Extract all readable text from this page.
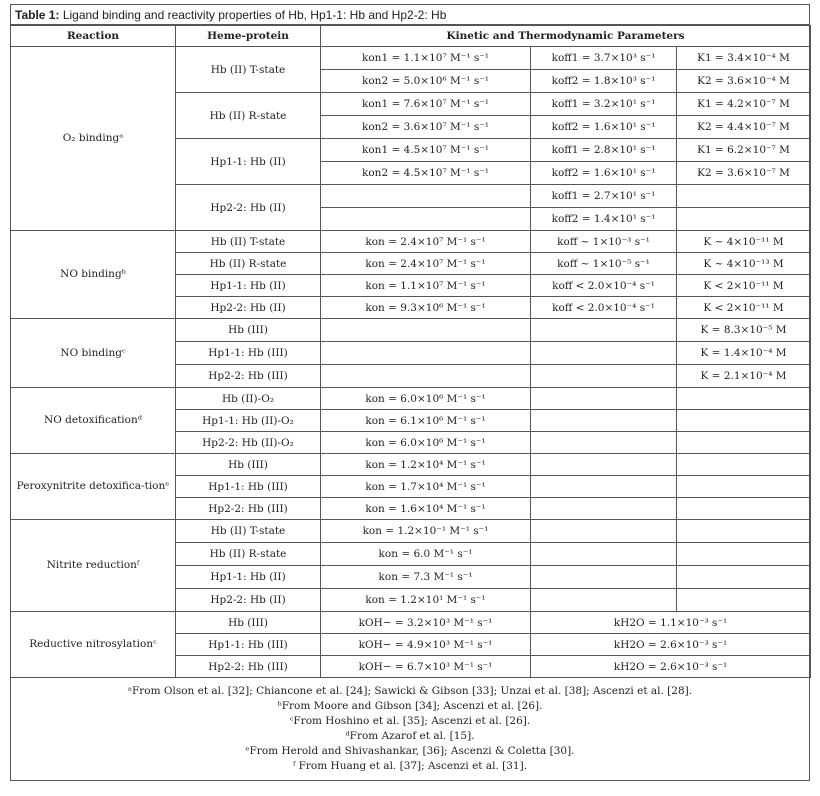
Table 1: Ligand binding and reactivity properties of Hb, Hp1-1: Hb and Hp2-2: Hb
Reaction	Heme-protein	Kinetic and Thermodynamic Parameters		
O₂ bindingᵃ	Hb (II) T-state	kon1 = 1.1×10⁷ M⁻¹ s⁻¹	koff1 = 3.7×10³ s⁻¹	K1 = 3.4×10⁻⁴ M
		kon2 = 5.0×10⁶ M⁻¹ s⁻¹	koff2 = 1.8×10³ s⁻¹	K2 = 3.6×10⁻⁴ M
	Hb (II) R-state	kon1 = 7.6×10⁷ M⁻¹ s⁻¹	koff1 = 3.2×10¹ s⁻¹	K1 = 4.2×10⁻⁷ M
		kon2 = 3.6×10⁷ M⁻¹ s⁻¹	koff2 = 1.6×10¹ s⁻¹	K2 = 4.4×10⁻⁷ M
	Hp1-1: Hb (II)	kon1 = 4.5×10⁷ M⁻¹ s⁻¹	koff1 = 2.8×10¹ s⁻¹	K1 = 6.2×10⁻⁷ M
		kon2 = 4.5×10⁷ M⁻¹ s⁻¹	koff2 = 1.6×10¹ s⁻¹	K2 = 3.6×10⁻⁷ M
	Hp2-2: Hb (II)		koff1 = 2.7×10¹ s⁻¹	
			koff2 = 1.4×10¹ s⁻¹	
NO bindingᵇ	Hb (II) T-state	kon = 2.4×10⁷ M⁻¹ s⁻¹	koff ~ 1×10⁻³ s⁻¹	K ~ 4×10⁻¹¹ M
	Hb (II) R-state	kon = 2.4×10⁷ M⁻¹ s⁻¹	koff ~ 1×10⁻⁵ s⁻¹	K ~ 4×10⁻¹³ M
	Hp1-1: Hb (II)	kon = 1.1×10⁷ M⁻¹ s⁻¹	koff < 2.0×10⁻⁴ s⁻¹	K < 2×10⁻¹¹ M
	Hp2-2: Hb (II)	kon = 9.3×10⁶ M⁻¹ s⁻¹	koff < 2.0×10⁻⁴ s⁻¹	K < 2×10⁻¹¹ M
NO bindingᶜ	Hb (III)			K = 8.3×10⁻⁵ M
	Hp1-1: Hb (III)			K = 1.4×10⁻⁴ M
	Hp2-2: Hb (III)			K = 2.1×10⁻⁴ M
NO detoxificationᵈ	Hb (II)-O₂	kon = 6.0×10⁶ M⁻¹ s⁻¹		
	Hp1-1: Hb (II)-O₂	kon = 6.1×10⁶ M⁻¹ s⁻¹		
	Hp2-2: Hb (II)-O₂	kon = 6.0×10⁶ M⁻¹ s⁻¹		
Peroxynitrite detoxifica-tionᵉ	Hb (III)	kon = 1.2×10⁴ M⁻¹ s⁻¹		
	Hp1-1: Hb (III)	kon = 1.7×10⁴ M⁻¹ s⁻¹		
	Hp2-2: Hb (III)	kon = 1.6×10⁴ M⁻¹ s⁻¹		
Nitrite reductionᶠ	Hb (II) T-state	kon = 1.2×10⁻¹ M⁻¹ s⁻¹		
	Hb (II) R-state	kon = 6.0 M⁻¹ s⁻¹		
	Hp1-1: Hb (II)	kon = 7.3 M⁻¹ s⁻¹		
	Hp2-2: Hb (II)	kon = 1.2×10¹ M⁻¹ s⁻¹		
Reductive nitrosylationᶜ	Hb (III)	kOH− = 3.2×10³ M⁻¹ s⁻¹	kH2O = 1.1×10⁻³ s⁻¹	
	Hp1-1: Hb (III)	kOH− = 4.9×10³ M⁻¹ s⁻¹	kH2O = 2.6×10⁻³ s⁻¹	
	Hp2-2: Hb (III)	kOH− = 6.7×10³ M⁻¹ s⁻¹	kH2O = 2.6×10⁻³ s⁻¹	
ᵃFrom Olson et al. [32]; Chiancone et al. [24]; Sawicki & Gibson [33]; Unzai et al. [38]; Ascenzi et al. [28].
ᵇFrom Moore and Gibson [34]; Ascenzi et al. [26].
ᶜFrom Hoshino et al. [35]; Ascenzi et al. [26].
ᵈFrom Azarof et al. [15].
ᵉFrom Herold and Shivashankar, [36]; Ascenzi & Coletta [30].
ᶠ From Huang et al. [37]; Ascenzi et al. [31].
